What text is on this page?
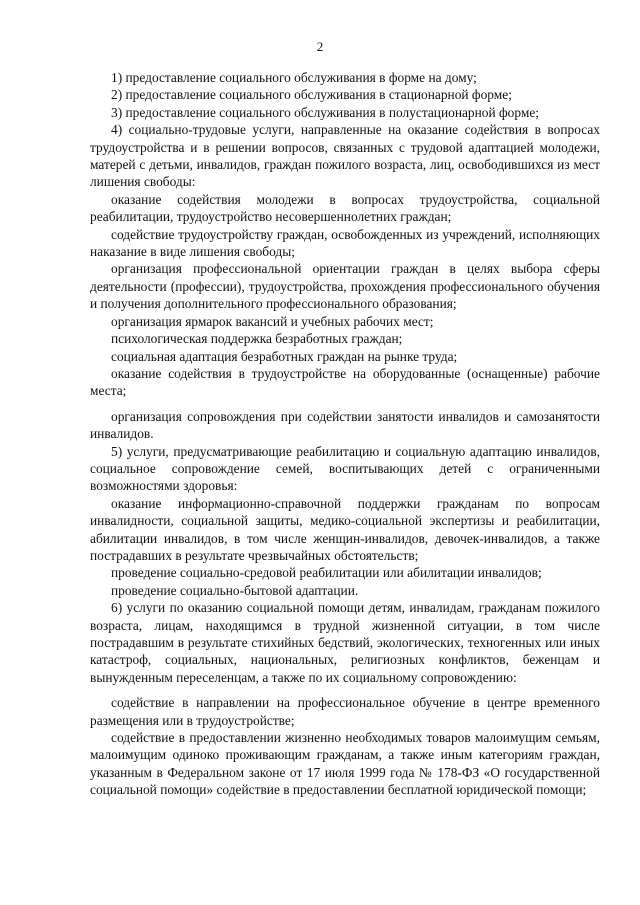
2

1) предоставление социального обслуживания в форме на дому;

2) предоставление социального обслуживания в стационарной форме;

3) предоставление социального обслуживания в полустационарной форме;

4) социально-трудовые услуги, направленные на оказание содействия в вопросах трудоустройства и в решении вопросов, связанных с трудовой адаптацией молодежи, матерей с детьми, инвалидов, граждан пожилого возраста, лиц, освободившихся из мест лишения свободы:

оказание содействия молодежи в вопросах трудоустройства, социальной реабилитации, трудоустройство несовершеннолетних граждан;

содействие трудоустройству граждан, освобожденных из учреждений, исполняющих наказание в виде лишения свободы;

организация профессиональной ориентации граждан в целях выбора сферы деятельности (профессии), трудоустройства, прохождения профессионального обучения и получения дополнительного профессионального образования;

организация ярмарок вакансий и учебных рабочих мест;

психологическая поддержка безработных граждан;

социальная адаптация безработных граждан на рынке труда;

оказание содействия в трудоустройстве на оборудованные (оснащенные) рабочие места;

организация сопровождения при содействии занятости инвалидов и самозанятости инвалидов.

5) услуги, предусматривающие реабилитацию и социальную адаптацию инвалидов, социальное сопровождение семей, воспитывающих детей с ограниченными возможностями здоровья:

оказание информационно-справочной поддержки гражданам по вопросам инвалидности, социальной защиты, медико-социальной экспертизы и реабилитации, абилитации инвалидов, в том числе женщин-инвалидов, девочек-инвалидов, а также пострадавших в результате чрезвычайных обстоятельств;

проведение социально-средовой реабилитации или абилитации инвалидов;

проведение социально-бытовой адаптации.

6) услуги по оказанию социальной помощи детям, инвалидам, гражданам пожилого возраста, лицам, находящимся в трудной жизненной ситуации, в том числе пострадавшим в результате стихийных бедствий, экологических, техногенных или иных катастроф, социальных, национальных, религиозных конфликтов, беженцам и вынужденным переселенцам, а также по их социальному сопровождению:

содействие в направлении на профессиональное обучение в центре временного размещения или в трудоустройстве;

содействие в предоставлении жизненно необходимых товаров малоимущим семьям, малоимущим одиноко проживающим гражданам, а также иным категориям граждан, указанным в Федеральном законе от 17 июля 1999 года № 178-ФЗ «О государственной социальной помощи» содействие в предоставлении бесплатной юридической помощи;
